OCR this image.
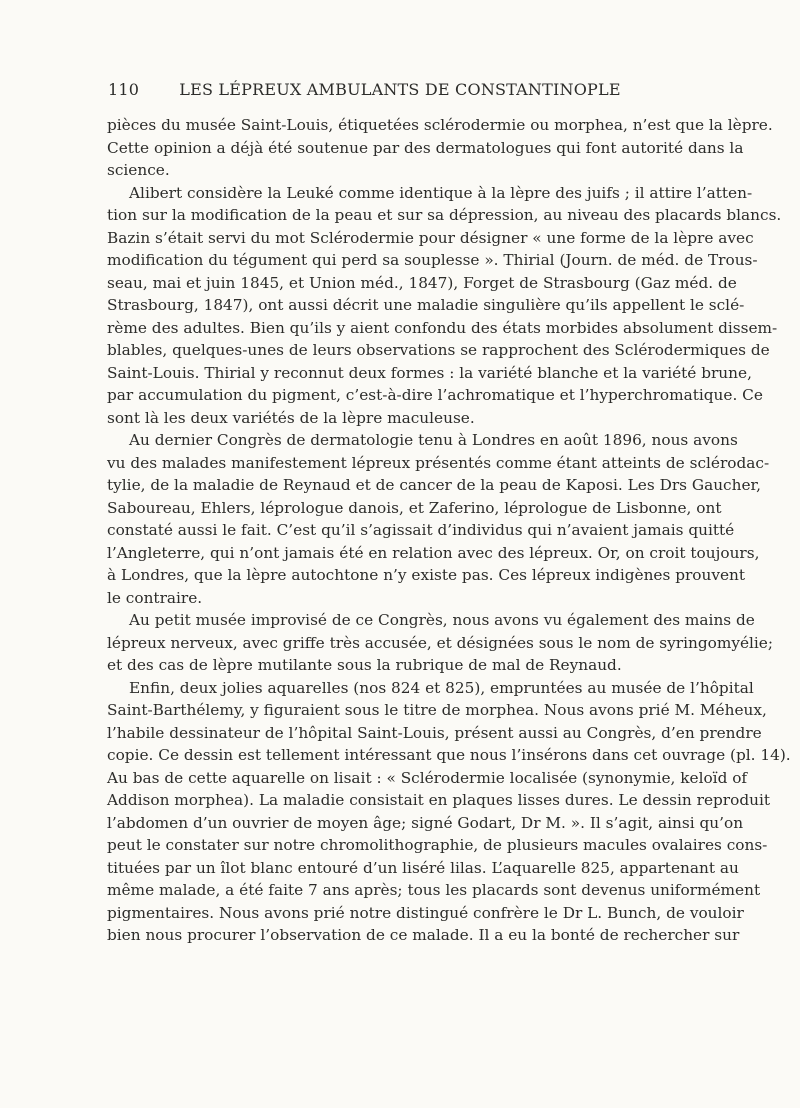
110	LES LÉPREUX AMBULANTS DE CONSTANTINOPLE
pièces du musée Saint-Louis, étiquetées sclérodermie ou morphea, n’est que la lèpre.
Cette opinion a déjà été soutenue par des dermatologues qui font autorité dans la
science.
Alibert considère la Leuké comme identique à la lèpre des juifs ; il attire l’atten-
tion sur la modification de la peau et sur sa dépression, au niveau des placards blancs.
Bazin s’était servi du mot Sclérodermie pour désigner « une forme de la lèpre avec
modification du tégument qui perd sa souplesse ». Thirial (Journ. de méd. de Trous-
seau, mai et juin 1845, et Union méd., 1847), Forget de Strasbourg (Gaz méd. de
Strasbourg, 1847), ont aussi décrit une maladie singulière qu’ils appellent le sclé-
rème des adultes. Bien qu’ils y aient confondu des états morbides absolument dissem-
blables, quelques-unes de leurs observations se rapprochent des Sclérodermiques de
Saint-Louis. Thirial y reconnut deux formes : la variété blanche et la variété brune,
par accumulation du pigment, c’est-à-dire l’achromatique et l’hyperchromatique. Ce
sont là les deux variétés de la lèpre maculeuse.
Au dernier Congrès de dermatologie tenu à Londres en août 1896, nous avons
vu des malades manifestement lépreux présentés comme étant atteints de sclérodac-
tylie, de la maladie de Reynaud et de cancer de la peau de Kaposi. Les Drs Gaucher,
Saboureau, Ehlers, léprologue danois, et Zaferino, léprologue de Lisbonne, ont
constaté aussi le fait. C’est qu’il s’agissait d’individus qui n’avaient jamais quitté
l’Angleterre, qui n’ont jamais été en relation avec des lépreux. Or, on croit toujours,
à Londres, que la lèpre autochtone n’y existe pas. Ces lépreux indigènes prouvent
le contraire.
Au petit musée improvisé de ce Congrès, nous avons vu également des mains de
lépreux nerveux, avec griffe très accusée, et désignées sous le nom de syringomyélie;
et des cas de lèpre mutilante sous la rubrique de mal de Reynaud.
Enfin, deux jolies aquarelles (nos 824 et 825), empruntées au musée de l’hôpital
Saint-Barthélemy, y figuraient sous le titre de morphea. Nous avons prié M. Méheux,
l’habile dessinateur de l’hôpital Saint-Louis, présent aussi au Congrès, d’en prendre
copie. Ce dessin est tellement intéressant que nous l’insérons dans cet ouvrage (pl. 14).
Au bas de cette aquarelle on lisait : « Sclérodermie localisée (synonymie, keloïd of
Addison morphea). La maladie consistait en plaques lisses dures. Le dessin reproduit
l’abdomen d’un ouvrier de moyen âge; signé Godart, Dr M. ». Il s’agit, ainsi qu’on
peut le constater sur notre chromolithographie, de plusieurs macules ovalaires cons-
tituées par un îlot blanc entouré d’un liséré lilas. L’aquarelle 825, appartenant au
même malade, a été faite 7 ans après; tous les placards sont devenus uniformément
pigmentaires. Nous avons prié notre distingué confrère le Dr L. Bunch, de vouloir
bien nous procurer l’observation de ce malade. Il a eu la bonté de rechercher sur
